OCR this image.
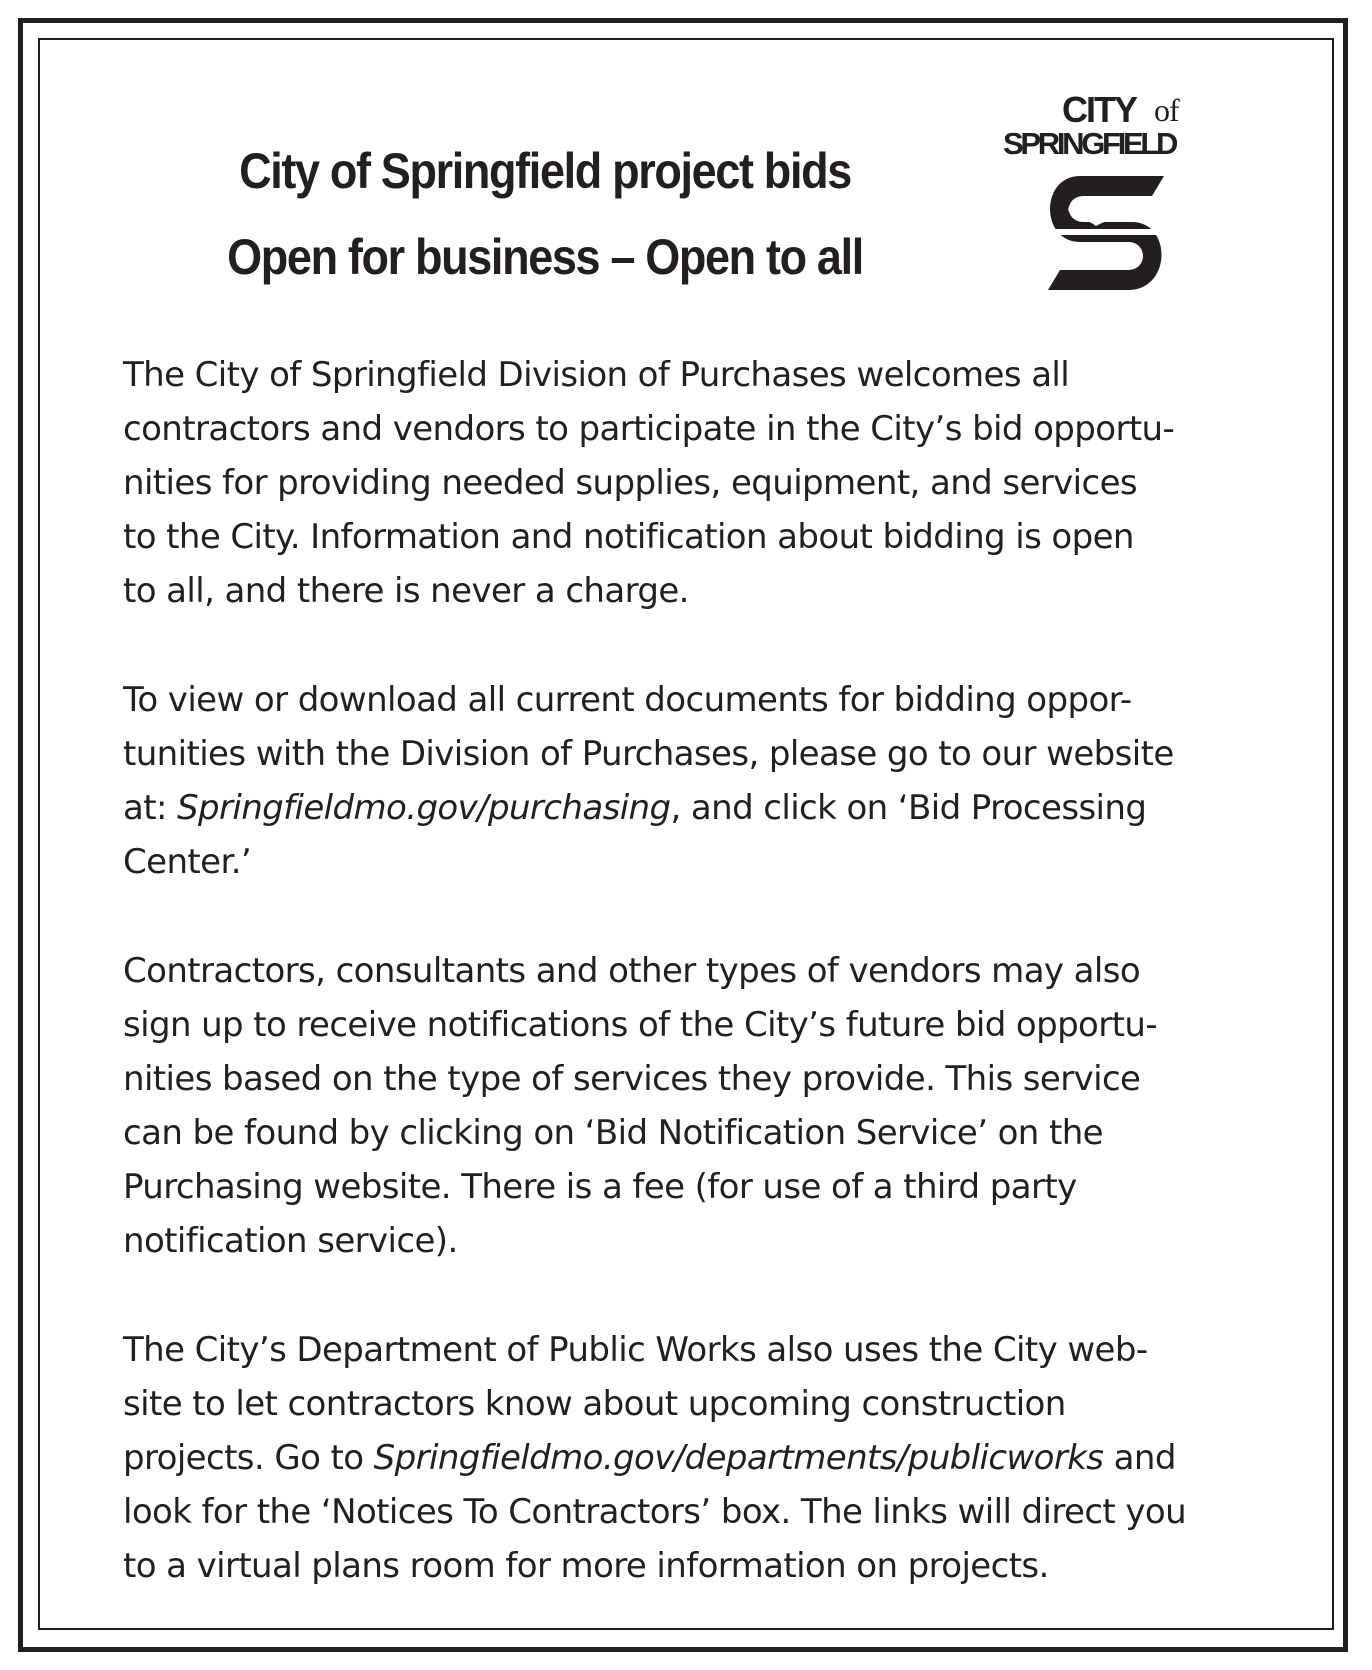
City of Springfield project bids
Open for business – Open to all
CITY of
SPRINGFIELD

The City of Springfield Division of Purchases welcomes all
contractors and vendors to participate in the City’s bid opportu-
nities for providing needed supplies, equipment, and services
to the City. Information and notification about bidding is open
to all, and there is never a charge.

To view or download all current documents for bidding oppor-
tunities with the Division of Purchases, please go to our website
at: Springfieldmo.gov/purchasing, and click on ‘Bid Processing
Center.’

Contractors, consultants and other types of vendors may also
sign up to receive notifications of the City’s future bid opportu-
nities based on the type of services they provide. This service
can be found by clicking on ‘Bid Notification Service’ on the
Purchasing website. There is a fee (for use of a third party
notification service).

The City’s Department of Public Works also uses the City web-
site to let contractors know about upcoming construction
projects. Go to Springfieldmo.gov/departments/publicworks and
look for the ‘Notices To Contractors’ box. The links will direct you
to a virtual plans room for more information on projects.
